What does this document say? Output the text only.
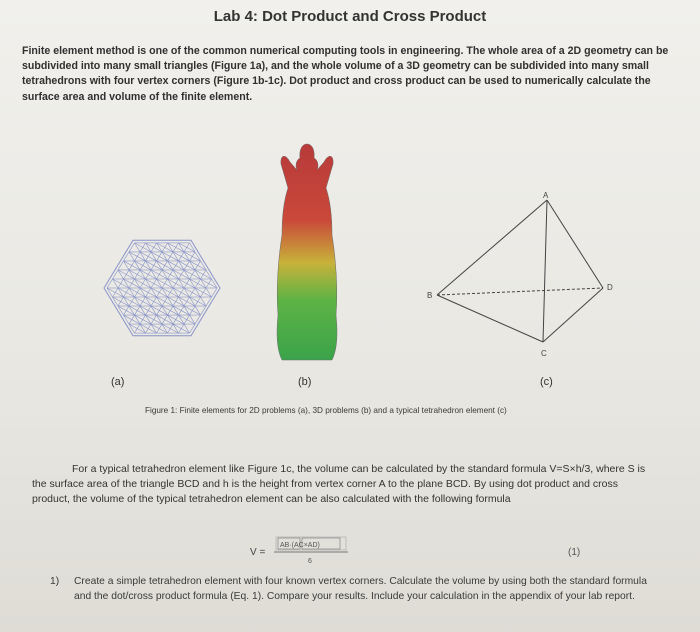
Lab 4: Dot Product and Cross Product
Finite element method is one of the common numerical computing tools in engineering. The whole area of a 2D geometry can be subdivided into many small triangles (Figure 1a), and the whole volume of a 3D geometry can be subdivided into many small tetrahedrons with four vertex corners (Figure 1b-1c). Dot product and cross product can be used to numerically calculate the surface area and volume of the finite element.
A
B
C
D
(a)	(b)	(c)
Figure 1: Finite elements for 2D problems (a), 3D problems (b) and a typical tetrahedron element (c)
For a typical tetrahedron element like Figure 1c, the volume can be calculated by the standard formula V=S×h/3, where S is the surface area of the triangle BCD and h is the height from vertex corner A to the plane BCD. By using dot product and cross product, the volume of the typical tetrahedron element can be also calculated with the following formula
V =
AB·(AC×AD)
6
(1)
1) Create a simple tetrahedron element with four known vertex corners. Calculate the volume by using both the standard formula and the dot/cross product formula (Eq. 1). Compare your results. Include your calculation in the appendix of your lab report.
